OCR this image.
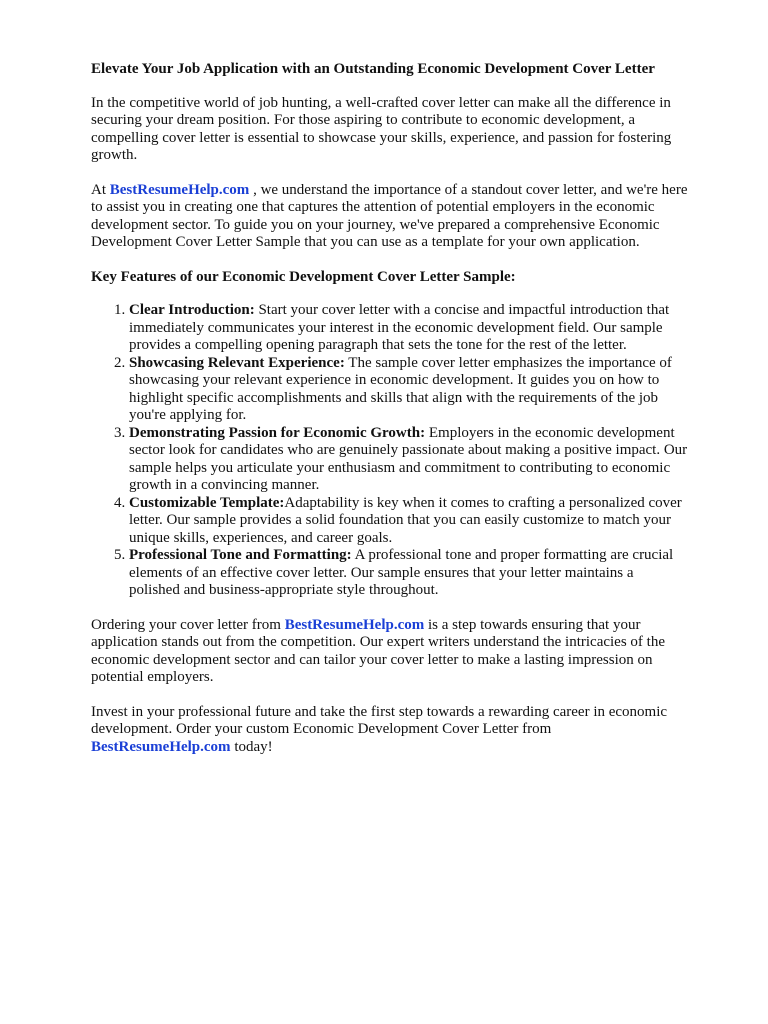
Elevate Your Job Application with an Outstanding Economic Development Cover Letter

In the competitive world of job hunting, a well-crafted cover letter can make all the difference in securing your dream position. For those aspiring to contribute to economic development, a compelling cover letter is essential to showcase your skills, experience, and passion for fostering growth.

At BestResumeHelp.com , we understand the importance of a standout cover letter, and we're here to assist you in creating one that captures the attention of potential employers in the economic development sector. To guide you on your journey, we've prepared a comprehensive Economic Development Cover Letter Sample that you can use as a template for your own application.

Key Features of our Economic Development Cover Letter Sample:
1. Clear Introduction: Start your cover letter with a concise and impactful introduction that immediately communicates your interest in the economic development field. Our sample provides a compelling opening paragraph that sets the tone for the rest of the letter.
2. Showcasing Relevant Experience: The sample cover letter emphasizes the importance of showcasing your relevant experience in economic development. It guides you on how to highlight specific accomplishments and skills that align with the requirements of the job you're applying for.
3. Demonstrating Passion for Economic Growth: Employers in the economic development sector look for candidates who are genuinely passionate about making a positive impact. Our sample helps you articulate your enthusiasm and commitment to contributing to economic growth in a convincing manner.
4. Customizable Template:Adaptability is key when it comes to crafting a personalized cover letter. Our sample provides a solid foundation that you can easily customize to match your unique skills, experiences, and career goals.
5. Professional Tone and Formatting: A professional tone and proper formatting are crucial elements of an effective cover letter. Our sample ensures that your letter maintains a polished and business-appropriate style throughout.

Ordering your cover letter from BestResumeHelp.com is a step towards ensuring that your application stands out from the competition. Our expert writers understand the intricacies of the economic development sector and can tailor your cover letter to make a lasting impression on potential employers.

Invest in your professional future and take the first step towards a rewarding career in economic development. Order your custom Economic Development Cover Letter from BestResumeHelp.com today!
